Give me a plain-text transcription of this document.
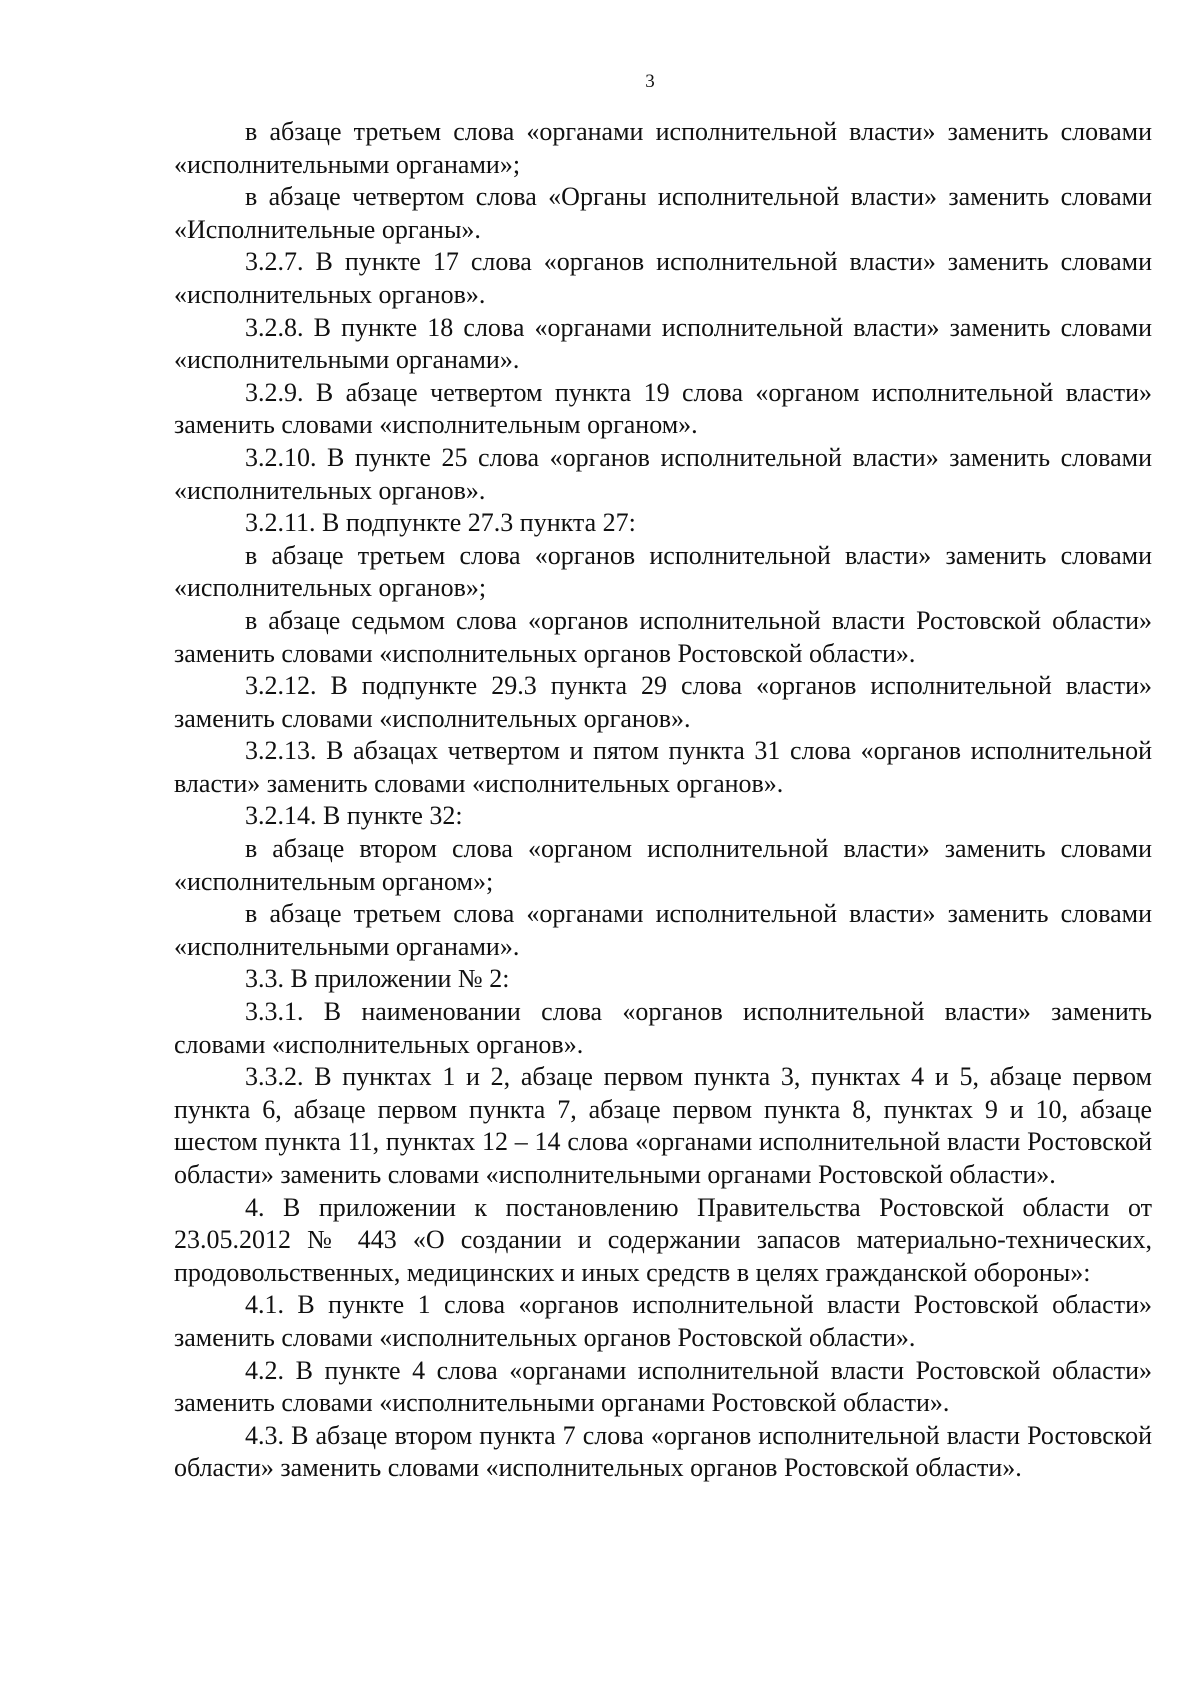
3

в абзаце третьем слова «органами исполнительной власти» заменить словами «исполнительными органами»;

в абзаце четвертом слова «Органы исполнительной власти» заменить словами «Исполнительные органы».

3.2.7. В пункте 17 слова «органов исполнительной власти» заменить словами «исполнительных органов».

3.2.8. В пункте 18 слова «органами исполнительной власти» заменить словами «исполнительными органами».

3.2.9. В абзаце четвертом пункта 19 слова «органом исполнительной власти» заменить словами «исполнительным органом».

3.2.10. В пункте 25 слова «органов исполнительной власти» заменить словами «исполнительных органов».

3.2.11. В подпункте 27.3 пункта 27:

в абзаце третьем слова «органов исполнительной власти» заменить словами «исполнительных органов»;

в абзаце седьмом слова «органов исполнительной власти Ростовской области» заменить словами «исполнительных органов Ростовской области».

3.2.12. В подпункте 29.3 пункта 29 слова «органов исполнительной власти» заменить словами «исполнительных органов».

3.2.13. В абзацах четвертом и пятом пункта 31 слова «органов исполнительной власти» заменить словами «исполнительных органов».

3.2.14. В пункте 32:

в абзаце втором слова «органом исполнительной власти» заменить словами «исполнительным органом»;

в абзаце третьем слова «органами исполнительной власти» заменить словами «исполнительными органами».

3.3. В приложении № 2:

3.3.1. В наименовании слова «органов исполнительной власти» заменить словами «исполнительных органов».

3.3.2. В пунктах 1 и 2, абзаце первом пункта 3, пунктах 4 и 5, абзаце первом пункта 6, абзаце первом пункта 7, абзаце первом пункта 8, пунктах 9 и 10, абзаце шестом пункта 11, пунктах 12 – 14 слова «органами исполнительной власти Ростовской области» заменить словами «исполнительными органами Ростовской области».

4. В приложении к постановлению Правительства Ростовской области от 23.05.2012 № 443 «О создании и содержании запасов материально-технических, продовольственных, медицинских и иных средств в целях гражданской обороны»:

4.1. В пункте 1 слова «органов исполнительной власти Ростовской области» заменить словами «исполнительных органов Ростовской области».

4.2. В пункте 4 слова «органами исполнительной власти Ростовской области» заменить словами «исполнительными органами Ростовской области».

4.3. В абзаце втором пункта 7 слова «органов исполнительной власти Ростовской области» заменить словами «исполнительных органов Ростовской области».
